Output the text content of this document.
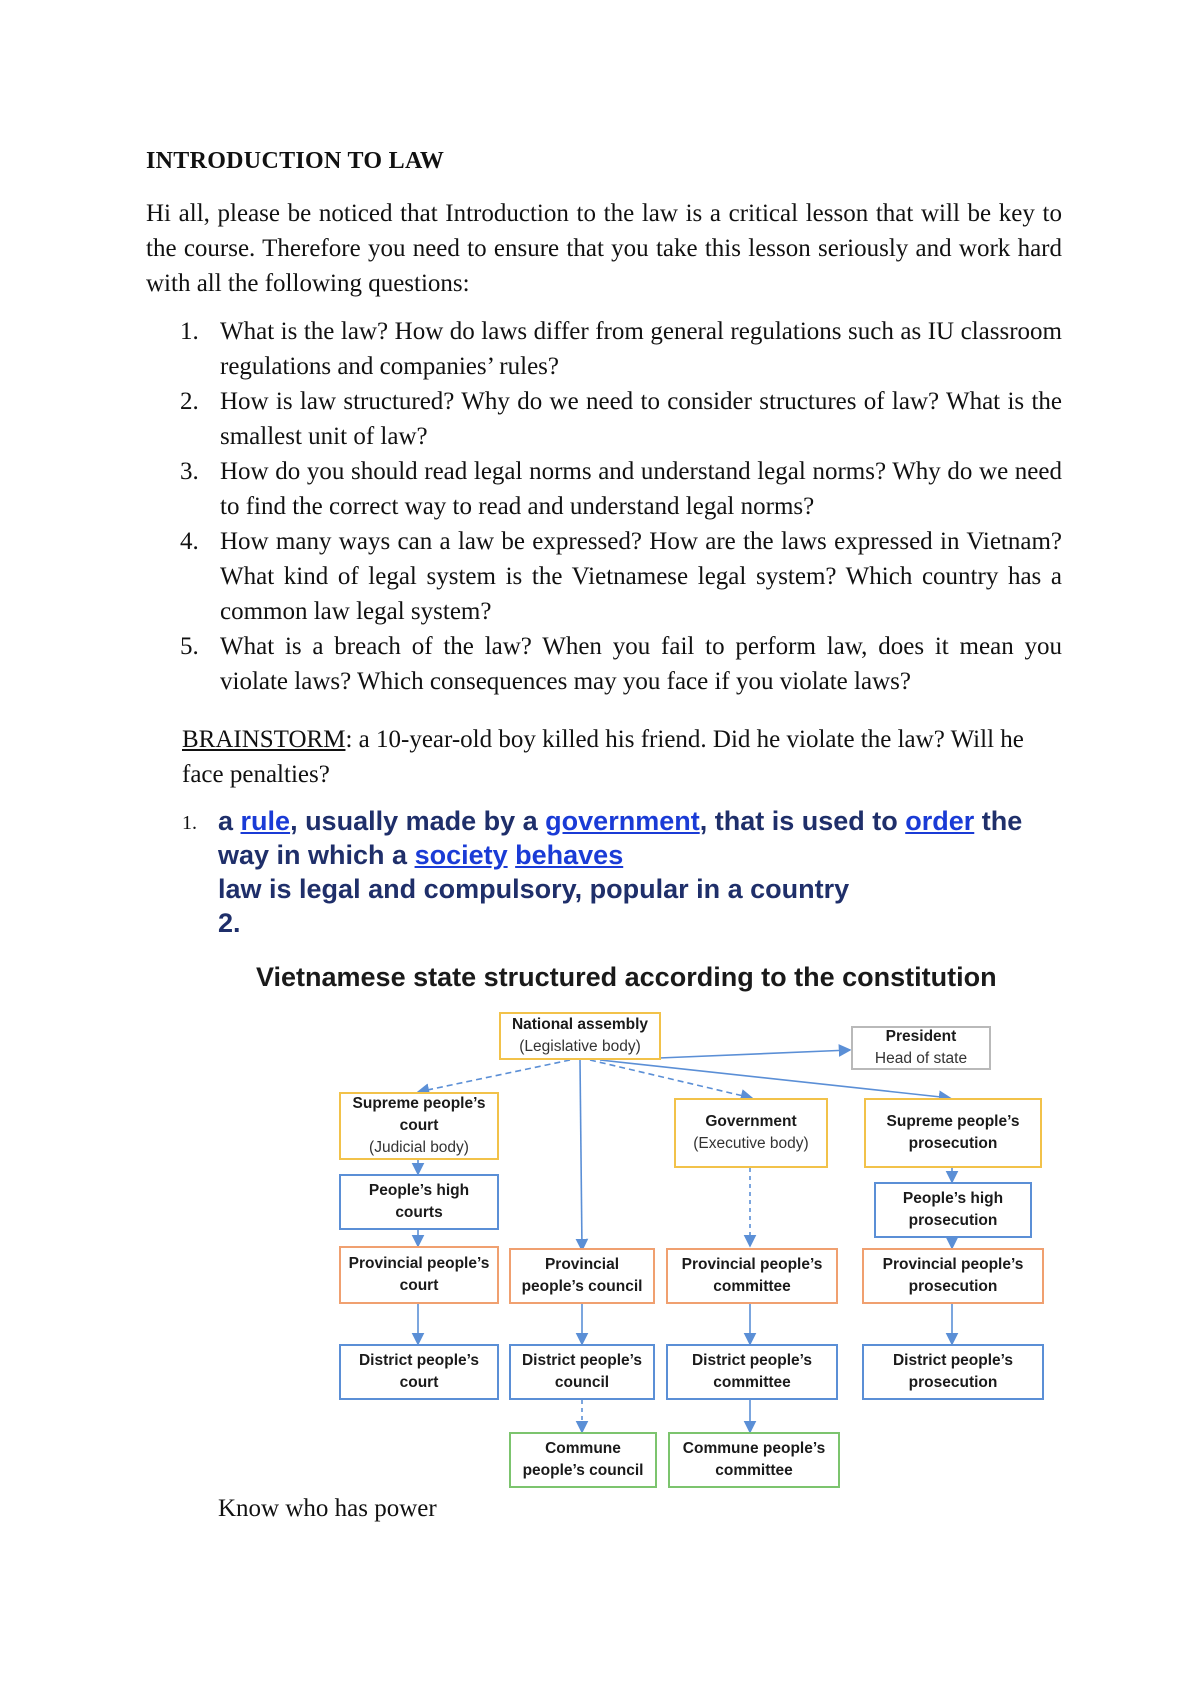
INTRODUCTION TO LAW
Hi all, please be noticed that Introduction to the law is a critical lesson that will be key to the course. Therefore you need to ensure that you take this lesson seriously and work hard with all the following questions:
1. What is the law? How do laws differ from general regulations such as IU classroom regulations and companies’ rules?
2. How is law structured? Why do we need to consider structures of law? What is the smallest unit of law?
3. How do you should read legal norms and understand legal norms? Why do we need to find the correct way to read and understand legal norms?
4. How many ways can a law be expressed? How are the laws expressed in Vietnam? What kind of legal system is the Vietnamese legal system? Which country has a common law legal system?
5. What is a breach of the law? When you fail to perform law, does it mean you violate laws? Which consequences may you face if you violate laws?
BRAINSTORM: a 10-year-old boy killed his friend. Did he violate the law? Will he face penalties?
1. a rule, usually made by a government, that is used to order the way in which a society behaves
law is legal and compulsory, popular in a country
2.
Vietnamese state structured according to the constitution
National assembly
(Legislative body)
President
Head of state
Supreme people’s court
(Judicial body)
Government
(Executive body)
Supreme people’s prosecution
People’s high courts
People’s high prosecution
Provincial people’s court
Provincial people’s council
Provincial people’s committee
Provincial people’s prosecution
District people’s court
District people’s council
District people’s committee
District people’s prosecution
Commune people’s council
Commune people’s committee
Know who has power
